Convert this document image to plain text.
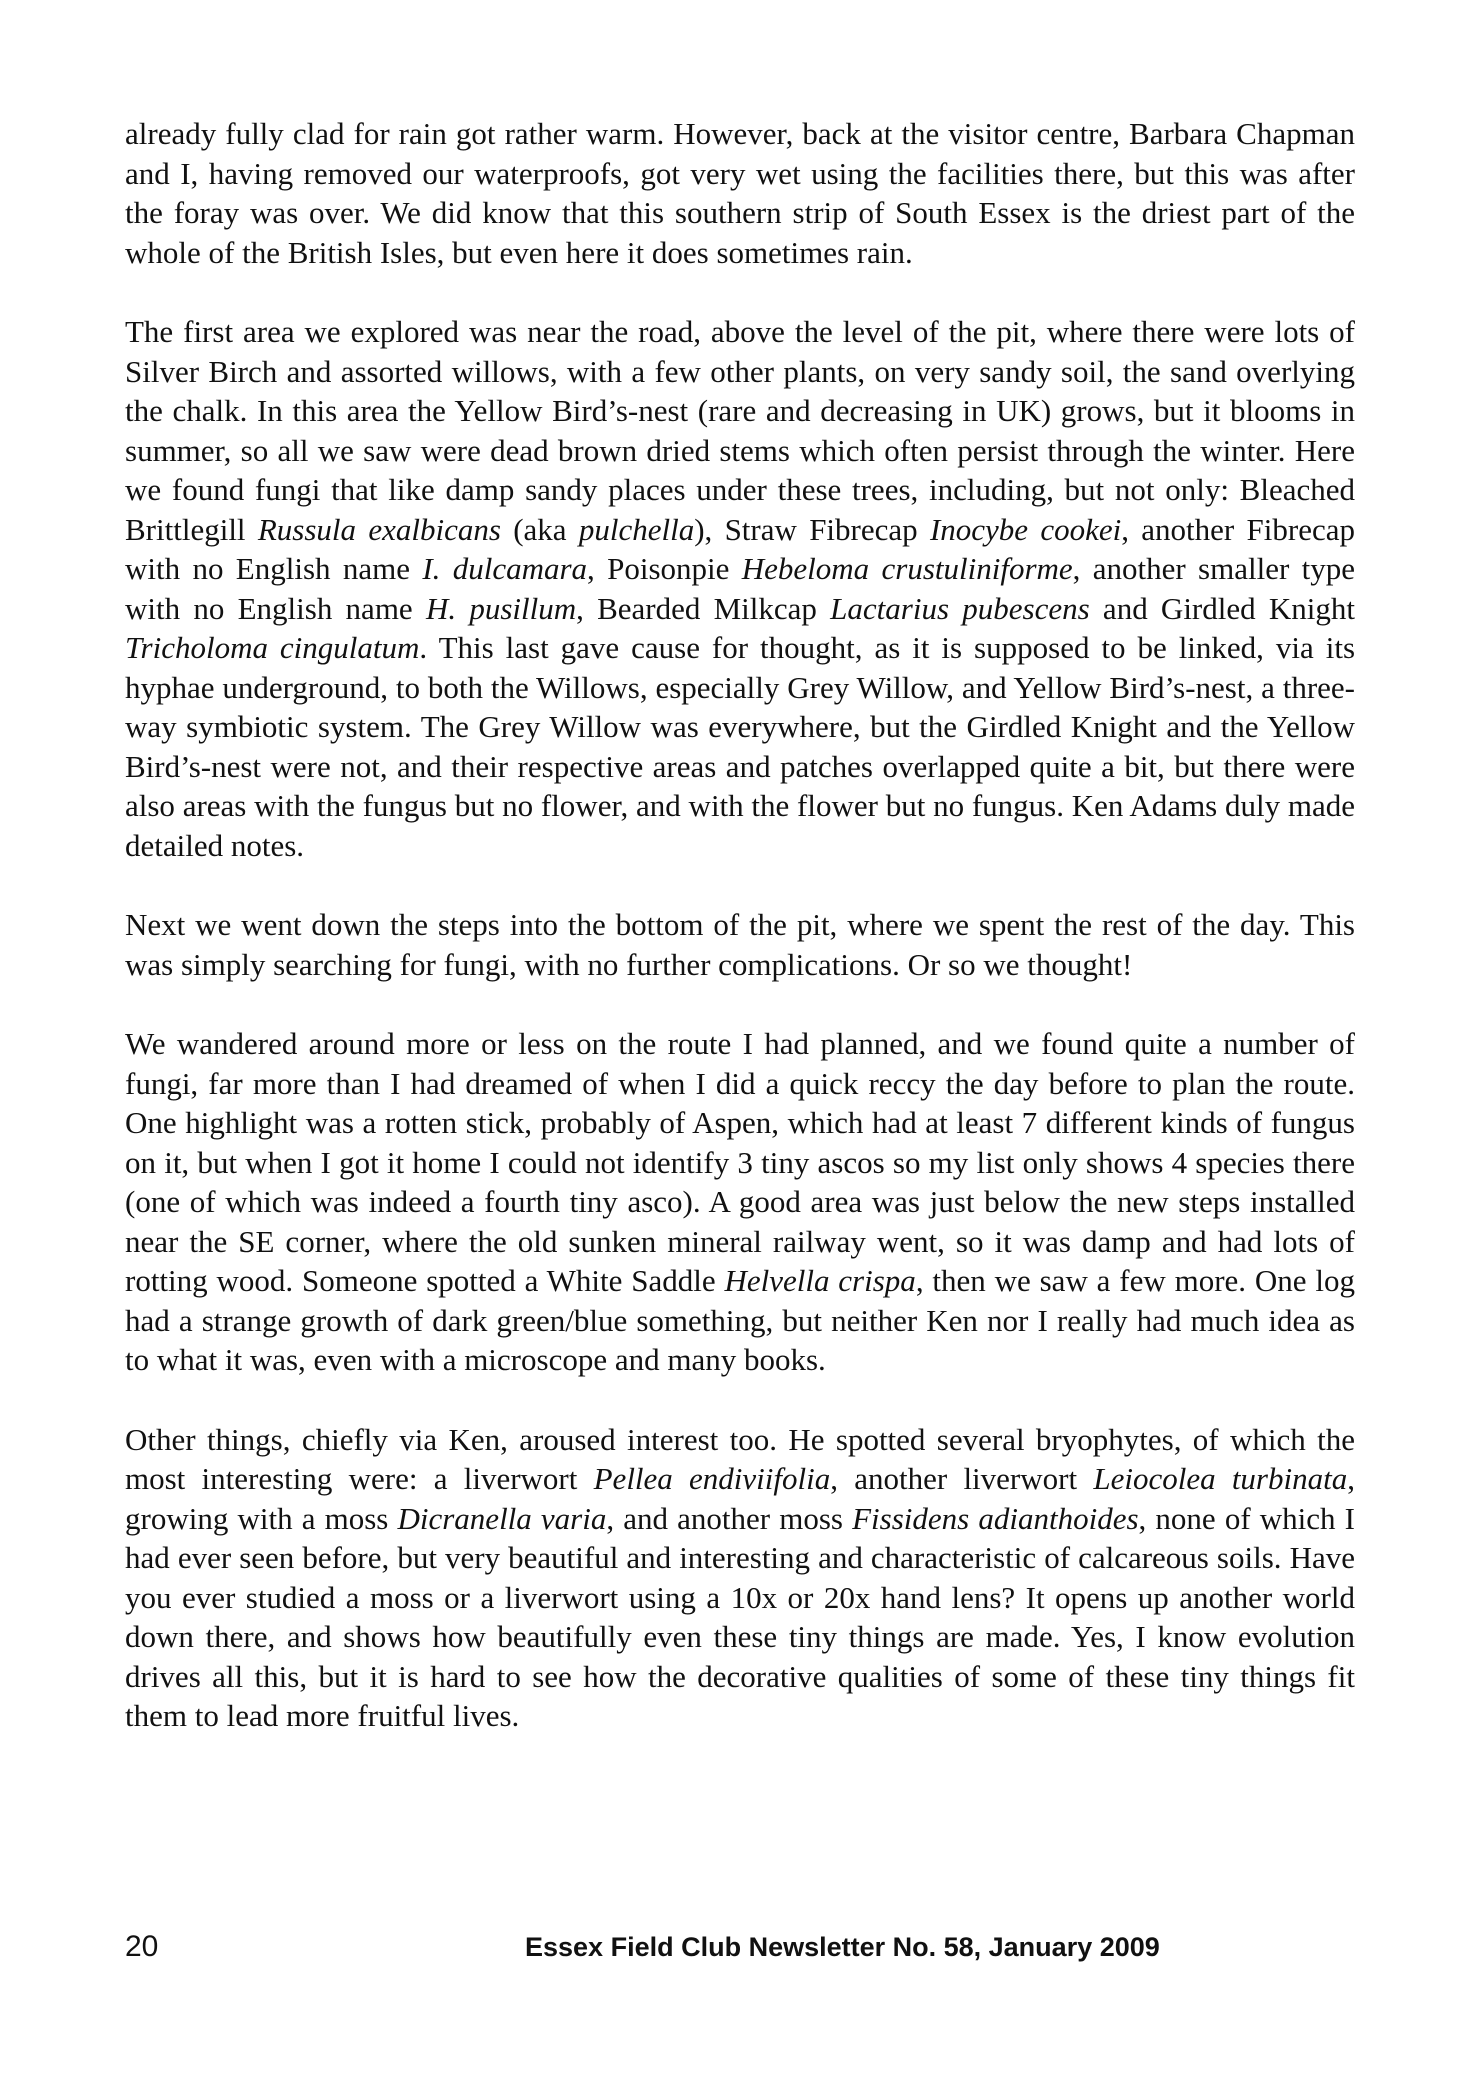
already fully clad for rain got rather warm. However, back at the visitor centre, Barbara Chapman and I, having removed our waterproofs, got very wet using the facilities there, but this was after the foray was over. We did know that this southern strip of South Essex is the driest part of the whole of the British Isles, but even here it does sometimes rain.

The first area we explored was near the road, above the level of the pit, where there were lots of Silver Birch and assorted willows, with a few other plants, on very sandy soil, the sand overlying the chalk. In this area the Yellow Bird’s-nest (rare and decreasing in UK) grows, but it blooms in summer, so all we saw were dead brown dried stems which often persist through the winter. Here we found fungi that like damp sandy places under these trees, including, but not only: Bleached Brittlegill Russula exalbicans (aka pulchella), Straw Fibrecap Inocybe cookei, another Fibrecap with no English name I. dulcamara, Poisonpie Hebeloma crustuliniforme, another smaller type with no English name H. pusillum, Bearded Milkcap Lactarius pubescens and Girdled Knight Tricholoma cingulatum. This last gave cause for thought, as it is supposed to be linked, via its hyphae underground, to both the Willows, especially Grey Willow, and Yellow Bird’s-nest, a three-way symbiotic system. The Grey Willow was everywhere, but the Girdled Knight and the Yellow Bird’s-nest were not, and their respective areas and patches overlapped quite a bit, but there were also areas with the fungus but no flower, and with the flower but no fungus. Ken Adams duly made detailed notes.

Next we went down the steps into the bottom of the pit, where we spent the rest of the day. This was simply searching for fungi, with no further complications. Or so we thought!

We wandered around more or less on the route I had planned, and we found quite a number of fungi, far more than I had dreamed of when I did a quick reccy the day before to plan the route. One highlight was a rotten stick, probably of Aspen, which had at least 7 different kinds of fungus on it, but when I got it home I could not identify 3 tiny ascos so my list only shows 4 species there (one of which was indeed a fourth tiny asco). A good area was just below the new steps installed near the SE corner, where the old sunken mineral railway went, so it was damp and had lots of rotting wood. Someone spotted a White Saddle Helvella crispa, then we saw a few more. One log had a strange growth of dark green/blue something, but neither Ken nor I really had much idea as to what it was, even with a microscope and many books.

Other things, chiefly via Ken, aroused interest too. He spotted several bryophytes, of which the most interesting were: a liverwort Pellea endiviifolia, another liverwort Leiocolea turbinata, growing with a moss Dicranella varia, and another moss Fissidens adianthoides, none of which I had ever seen before, but very beautiful and interesting and characteristic of calcareous soils. Have you ever studied a moss or a liverwort using a 10x or 20x hand lens? It opens up another world down there, and shows how beautifully even these tiny things are made. Yes, I know evolution drives all this, but it is hard to see how the decorative qualities of some of these tiny things fit them to lead more fruitful lives.

20	Essex Field Club Newsletter No. 58, January 2009
